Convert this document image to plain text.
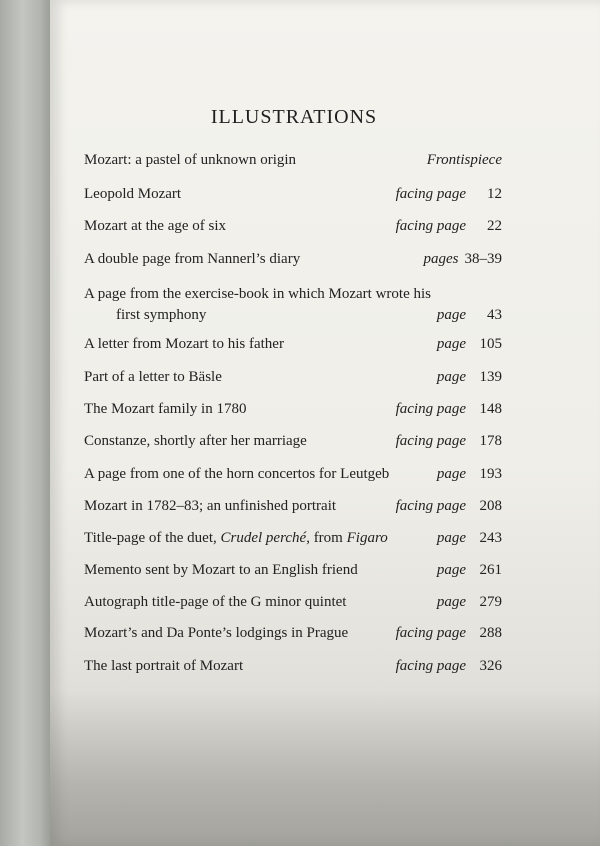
ILLUSTRATIONS
Mozart: a pastel of unknown origin	Frontispiece
Leopold Mozart	facing page 12
Mozart at the age of six	facing page 22
A double page from Nannerl’s diary	pages 38–39
A page from the exercise-book in which Mozart wrote his
first symphony	page 43
A letter from Mozart to his father	page 105
Part of a letter to Bäsle	page 139
The Mozart family in 1780	facing page 148
Constanze, shortly after her marriage	facing page 178
A page from one of the horn concertos for Leutgeb	page 193
Mozart in 1782–83; an unfinished portrait	facing page 208
Title-page of the duet, Crudel perché, from Figaro	page 243
Memento sent by Mozart to an English friend	page 261
Autograph title-page of the G minor quintet	page 279
Mozart’s and Da Ponte’s lodgings in Prague	facing page 288
The last portrait of Mozart	facing page 326
